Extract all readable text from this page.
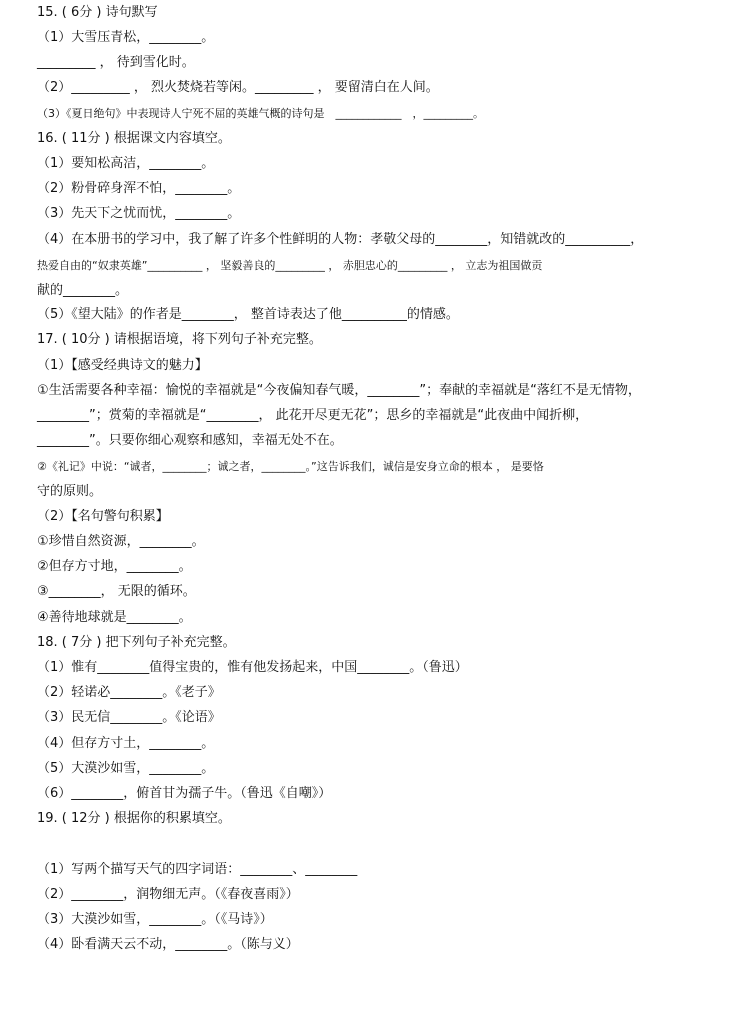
15. ( 6分 ) 诗句默写
（1）大雪压青松，________。
_________ ， 待到雪化时。
（2）_________ ， 烈火焚烧若等闲。_________ ， 要留清白在人间。
（3）《夏日绝句》中表现诗人宁死不屈的英雄气概的诗句是　____________　，_________。
16. ( 11分 ) 根据课文内容填空。
（1）要知松高洁，________。
（2）粉骨碎身浑不怕，________。
（3）先天下之忧而忧，________。
（4）在本册书的学习中，我了解了许多个性鲜明的人物：孝敬父母的________，知错就改的__________，
热爱自由的“奴隶英雄”__________ ， 坚毅善良的_________ ， 赤胆忠心的_________ ， 立志为祖国做贡
献的________。
（5）《望大陆》的作者是________， 整首诗表达了他__________的情感。
17. ( 10分 ) 请根据语境，将下列句子补充完整。
（1）【感受经典诗文的魅力】
①生活需要各种幸福：愉悦的幸福就是“今夜偏知春气暖，________”；奉献的幸福就是“落红不是无情物，
________”；赏菊的幸福就是“________， 此花开尽更无花”；思乡的幸福就是“此夜曲中闻折柳，
________”。只要你细心观察和感知，幸福无处不在。
②《礼记》中说：“诚者，________；诚之者，________。”这告诉我们，诚信是安身立命的根本 ， 是要恪
守的原则。
（2）【名句警句积累】
①珍惜自然资源，________。
②但存方寸地，________。
③________， 无限的循环。
④善待地球就是________。
18. ( 7分 ) 把下列句子补充完整。
（1）惟有________值得宝贵的，惟有他发扬起来，中国________。（鲁迅）
（2）轻诺必________。《老子》
（3）民无信________。《论语》
（4）但存方寸土，________。
（5）大漠沙如雪，________。
（6）________，俯首甘为孺子牛。（鲁迅《自嘲》）
19. ( 12分 ) 根据你的积累填空。
（1）写两个描写天气的四字词语：________、________
（2）________，润物细无声。（《春夜喜雨》）
（3）大漠沙如雪，________。（《马诗》）
（4）卧看满天云不动，________。（陈与义）
